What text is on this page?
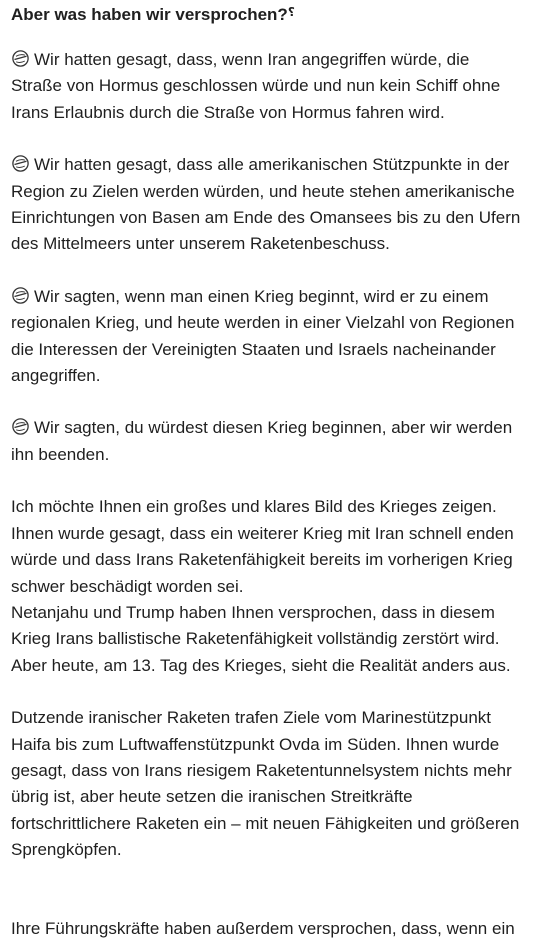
Aber was haben wir versprochen?⸮

Wir hatten gesagt, dass, wenn Iran angegriffen würde, die
Straße von Hormus geschlossen würde und nun kein Schiff ohne
Irans Erlaubnis durch die Straße von Hormus fahren wird.
Wir hatten gesagt, dass alle amerikanischen Stützpunkte in der
Region zu Zielen werden würden, und heute stehen amerikanische
Einrichtungen von Basen am Ende des Omansees bis zu den Ufern
des Mittelmeers unter unserem Raketenbeschuss.
Wir sagten, wenn man einen Krieg beginnt, wird er zu einem
regionalen Krieg, und heute werden in einer Vielzahl von Regionen
die Interessen der Vereinigten Staaten und Israels nacheinander
angegriffen.
Wir sagten, du würdest diesen Krieg beginnen, aber wir werden
ihn beenden.
Ich möchte Ihnen ein großes und klares Bild des Krieges zeigen.
Ihnen wurde gesagt, dass ein weiterer Krieg mit Iran schnell enden
würde und dass Irans Raketenfähigkeit bereits im vorherigen Krieg
schwer beschädigt worden sei.
Netanjahu und Trump haben Ihnen versprochen, dass in diesem
Krieg Irans ballistische Raketenfähigkeit vollständig zerstört wird.
Aber heute, am 13. Tag des Krieges, sieht die Realität anders aus.
Dutzende iranischer Raketen trafen Ziele vom Marinestützpunkt
Haifa bis zum Luftwaffenstützpunkt Ovda im Süden. Ihnen wurde
gesagt, dass von Irans riesigem Raketentunnelsystem nichts mehr
übrig ist, aber heute setzen die iranischen Streitkräfte
fortschrittlichere Raketen ein – mit neuen Fähigkeiten und größeren
Sprengköpfen.
Ihre Führungskräfte haben außerdem versprochen, dass, wenn ein
